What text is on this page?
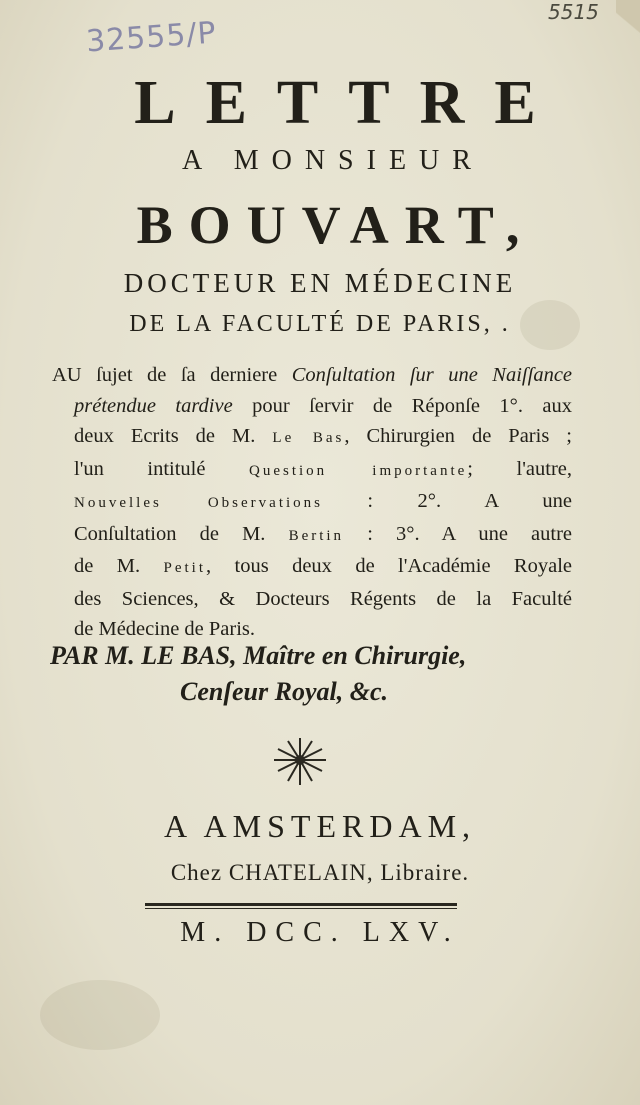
32555/P
5515
LETTRE
A MONSIEUR
BOUVART,
DOCTEUR EN MÉDECINE
DE LA FACULTÉ DE PARIS, .
AU ſujet de ſa derniere Conſultation ſur une Naiſſance
prétendue tardive pour ſervir de Réponſe 1°. aux
deux Ecrits de M. Le Bas, Chirurgien de Paris ;
l'un intitulé	Question importante; l'autre,
Nouvelles Observations : 2°. A une
Conſultation de M. Bertin : 3°. A une autre
de M. Petit, tous deux de l'Académie Royale
des Sciences, & Docteurs Régents de la Faculté
de Médecine de Paris.
PAR M. LE BAS, Maître en Chirurgie,
Cenſeur Royal, &c.
A AMSTERDAM,
Chez CHATELAIN, Libraire.
M. DCC. LXV.
